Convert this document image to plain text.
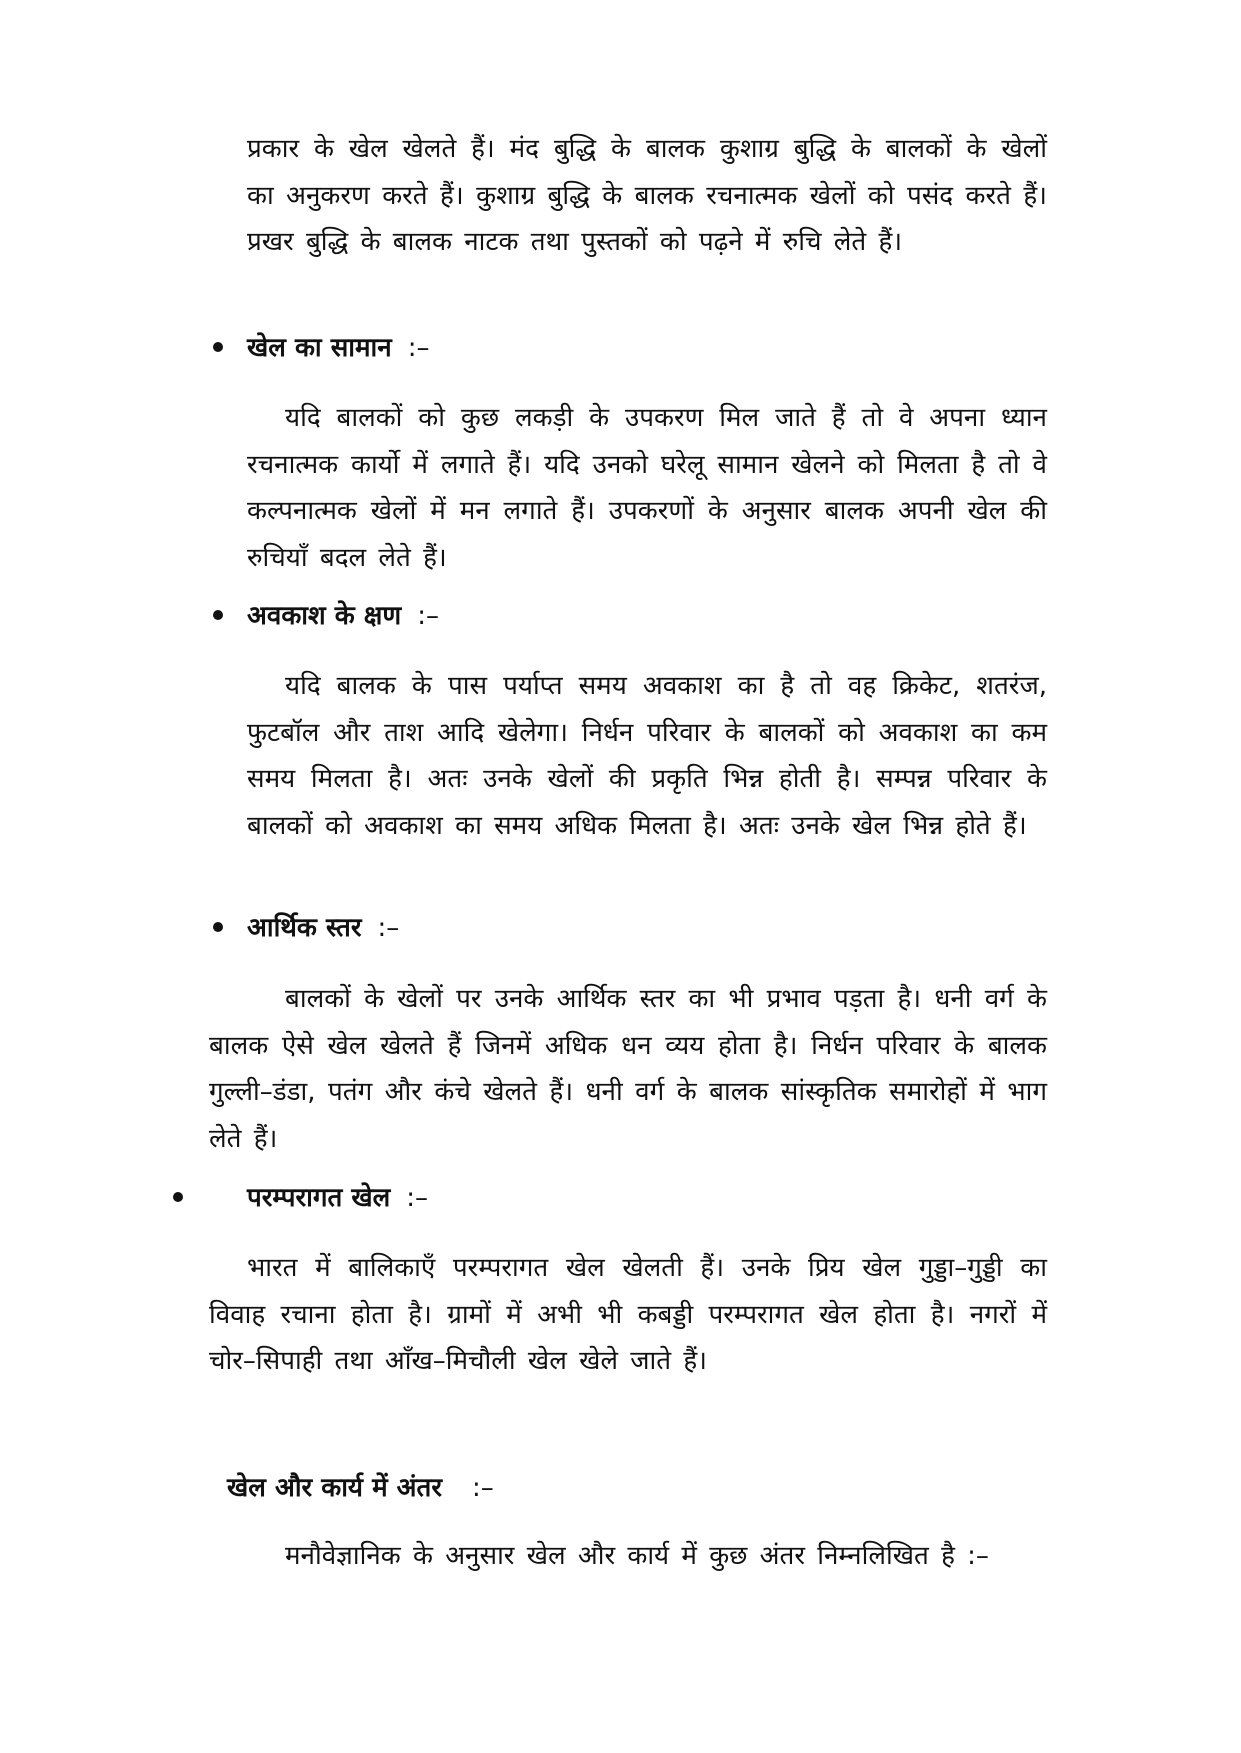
प्रकार के खेल खेलते हैं। मंद बुद्धि के बालक कुशाग्र बुद्धि के बालकों के खेलों का अनुकरण करते हैं। कुशाग्र बुद्धि के बालक रचनात्मक खेलों को पसंद करते हैं। प्रखर बुद्धि के बालक नाटक तथा पुस्तकों को पढ़ने में रुचि लेते हैं।

खेल का सामान :–

यदि बालकों को कुछ लकड़ी के उपकरण मिल जाते हैं तो वे अपना ध्यान रचनात्मक कार्यो में लगाते हैं। यदि उनको घरेलू सामान खेलने को मिलता है तो वे कल्पनात्मक खेलों में मन लगाते हैं। उपकरणों के अनुसार बालक अपनी खेल की रुचियॉं बदल लेते हैं।

अवकाश के क्षण :–

यदि बालक के पास पर्याप्त समय अवकाश का है तो वह क्रिकेट, शतरंज, फुटबॉल और ताश आदि खेलेगा। निर्धन परिवार के बालकों को अवकाश का कम समय मिलता है। अतः उनके खेलों की प्रकृति भिन्न होती है। सम्पन्न परिवार के बालकों को अवकाश का समय अधिक मिलता है। अतः उनके खेल भिन्न होते हैं।

आर्थिक स्तर :–

बालकों के खेलों पर उनके आर्थिक स्तर का भी प्रभाव पड़ता है। धनी वर्ग के बालक ऐसे खेल खेलते हैं जिनमें अधिक धन व्यय होता है। निर्धन परिवार के बालक गुल्ली–डंडा, पतंग और कंचे खेलते हैं। धनी वर्ग के बालक सांस्कृतिक समारोहों में भाग लेते हैं।

परम्परागत खेल :–

भारत में बालिकाएँ परम्परागत खेल खेलती हैं। उनके प्रिय खेल गुड्डा–गुड्डी का विवाह रचाना होता है। ग्रामों में अभी भी कबड्डी परम्परागत खेल होता है। नगरों में चोर–सिपाही तथा ऑंख–मिचौली खेल खेले जाते हैं।

खेल और कार्य में अंतर :–

मनौवेज्ञानिक के अनुसार खेल और कार्य में कुछ अंतर निम्नलिखित है :–
